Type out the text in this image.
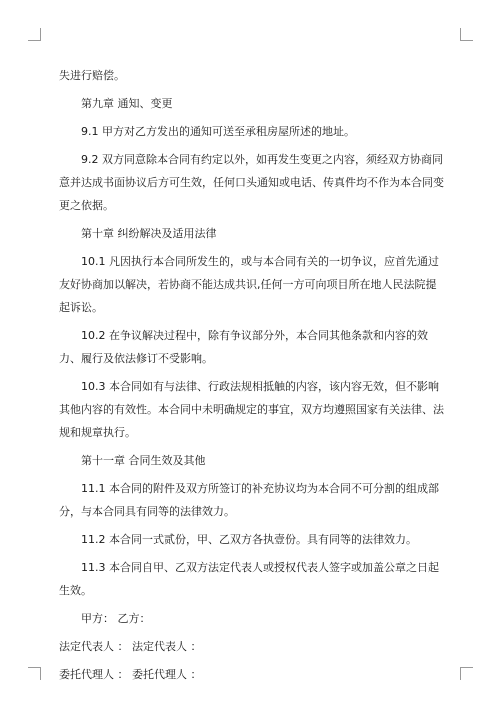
失进行赔偿。

第九章 通知、变更

9.1 甲方对乙方发出的通知可送至承租房屋所述的地址。

9.2 双方同意除本合同有约定以外，如再发生变更之内容，须经双方协商同意并达成书面协议后方可生效，任何口头通知或电话、传真件均不作为本合同变更之依据。

第十章 纠纷解决及适用法律

10.1 凡因执行本合同所发生的，或与本合同有关的一切争议，应首先通过友好协商加以解决，若协商不能达成共识,任何一方可向项目所在地人民法院提起诉讼。

10.2 在争议解决过程中，除有争议部分外，本合同其他条款和内容的效力、履行及依法修订不受影响。

10.3 本合同如有与法律、行政法规相抵触的内容，该内容无效，但不影响其他内容的有效性。本合同中未明确规定的事宜，双方均遵照国家有关法律、法规和规章执行。

第十一章 合同生效及其他

11.1 本合同的附件及双方所签订的补充协议均为本合同不可分割的组成部分，与本合同具有同等的法律效力。

11.2 本合同一式贰份，甲、乙双方各执壹份。具有同等的法律效力。

11.3 本合同自甲、乙双方法定代表人或授权代表人签字或加盖公章之日起生效。

甲方： 乙方：

法定代表人 ： 法定代表人 ：

委托代理人 ： 委托代理人 ：
